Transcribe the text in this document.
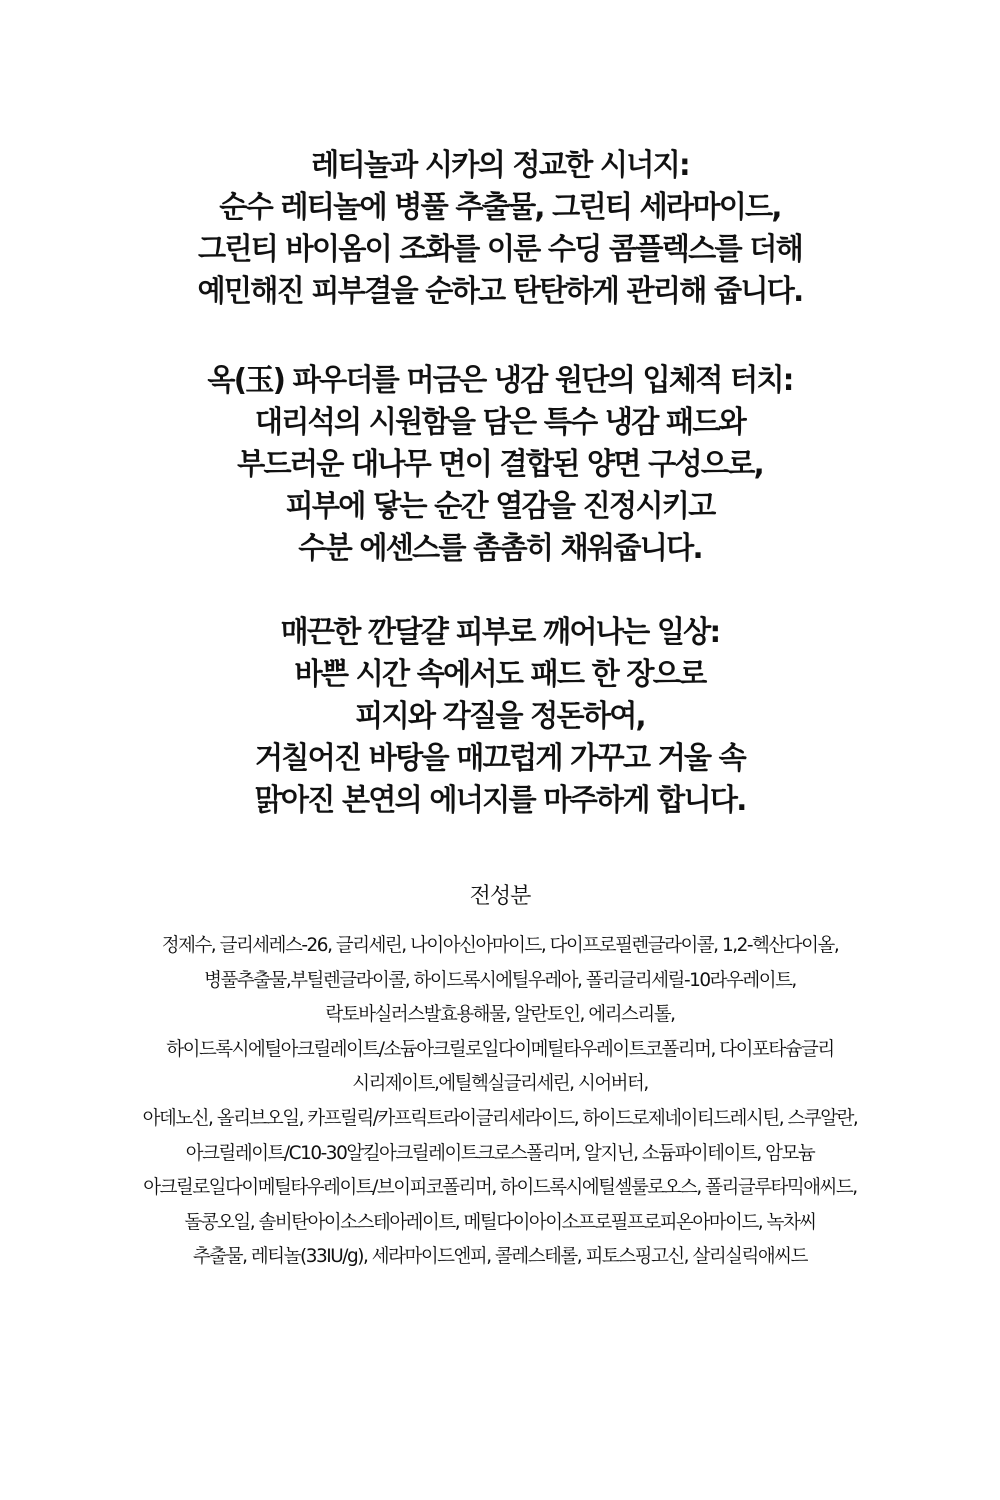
레티놀과 시카의 정교한 시너지:
순수 레티놀에 병풀 추출물, 그린티 세라마이드,
그린티 바이옴이 조화를 이룬 수딩 콤플렉스를 더해
예민해진 피부결을 순하고 탄탄하게 관리해 줍니다.
옥(玉) 파우더를 머금은 냉감 원단의 입체적 터치:
대리석의 시원함을 담은 특수 냉감 패드와
부드러운 대나무 면이 결합된 양면 구성으로,
피부에 닿는 순간 열감을 진정시키고
수분 에센스를 촘촘히 채워줍니다.
매끈한 깐달걀 피부로 깨어나는 일상:
바쁜 시간 속에서도 패드 한 장으로
피지와 각질을 정돈하여,
거칠어진 바탕을 매끄럽게 가꾸고 거울 속
맑아진 본연의 에너지를 마주하게 합니다.
전성분
정제수, 글리세레스-26, 글리세린, 나이아신아마이드, 다이프로필렌글라이콜, 1,2-헥산다이올,
병풀추출물,부틸렌글라이콜, 하이드록시에틸우레아, 폴리글리세릴-10라우레이트,
락토바실러스발효용해물, 알란토인, 에리스리톨,
하이드록시에틸아크릴레이트/소듐아크릴로일다이메틸타우레이트코폴리머, 다이포타슘글리
시리제이트,에틸헥실글리세린, 시어버터,
아데노신, 올리브오일, 카프릴릭/카프릭트라이글리세라이드, 하이드로제네이티드레시틴, 스쿠알란,
아크릴레이트/C10-30알킬아크릴레이트크로스폴리머, 알지닌, 소듐파이테이트, 암모늄
아크릴로일다이메틸타우레이트/브이피코폴리머, 하이드록시에틸셀룰로오스, 폴리글루타믹애씨드,
돌콩오일, 솔비탄아이소스테아레이트, 메틸다이아이소프로필프로피온아마이드, 녹차씨
추출물, 레티놀(33IU/g), 세라마이드엔피, 콜레스테롤, 피토스핑고신, 살리실릭애씨드
